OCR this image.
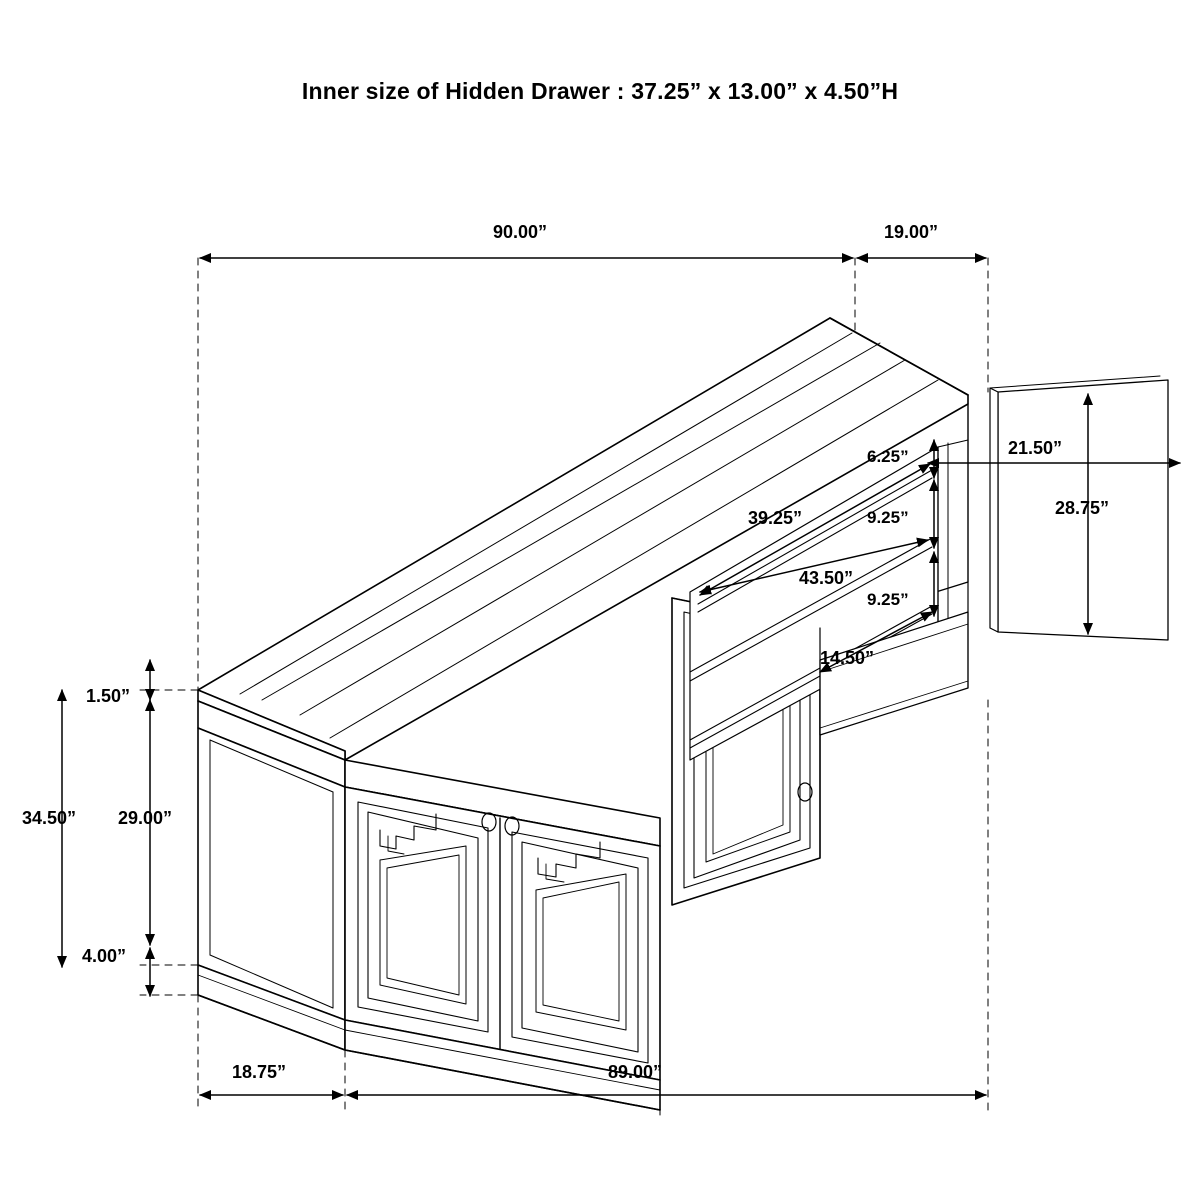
Inner size of Hidden Drawer : 37.25” x 13.00” x 4.50”H
90.00”	19.00”
28.75”
21.50”
6.25”
9.25”
9.25”
39.25”
43.50”
14.50”
1.50”
29.00”
34.50”
4.00”
18.75”	89.00”
